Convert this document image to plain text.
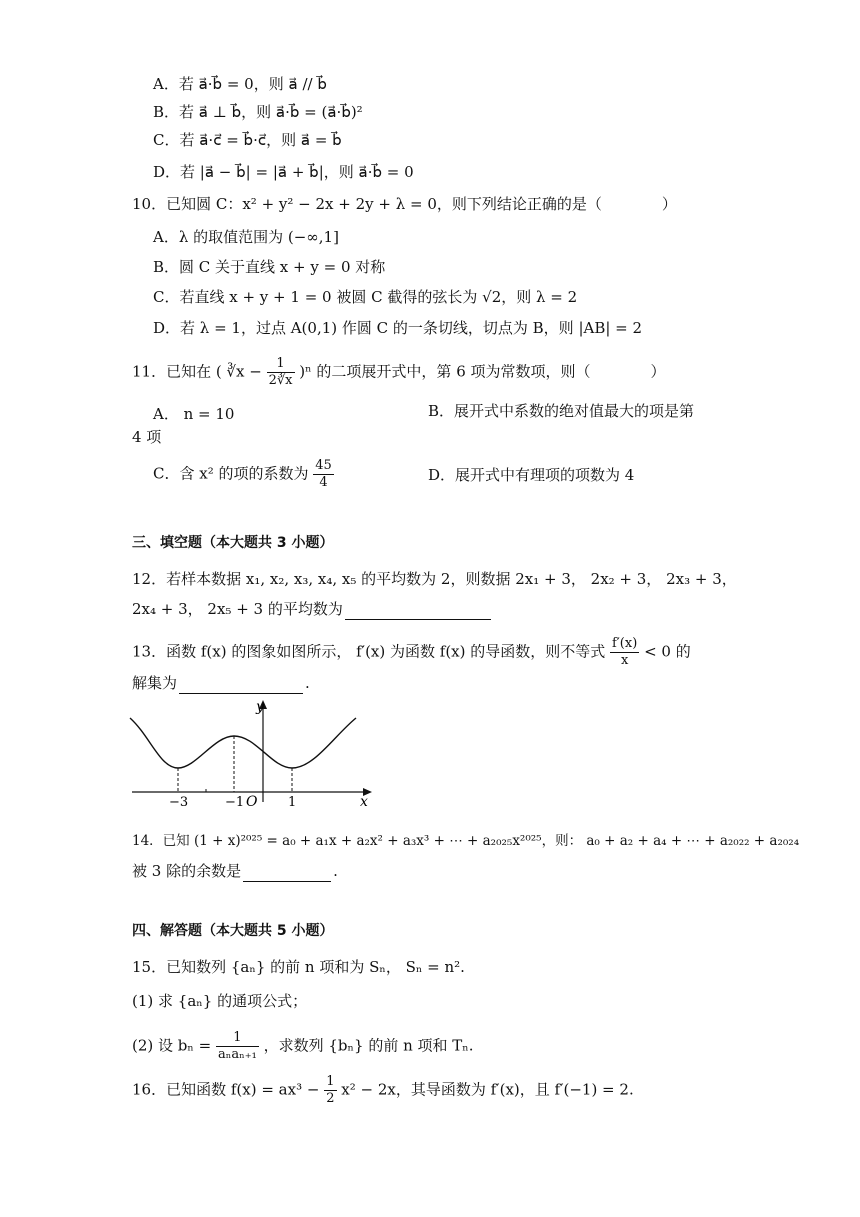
A．若 a⃗·b⃗ = 0，则 a⃗ // b⃗
B．若 a⃗ ⊥ b⃗，则 a⃗·b⃗ = (a⃗·b⃗)²
C．若 a⃗·c⃗ = b⃗·c⃗，则 a⃗ = b⃗
D．若 |a⃗ − b⃗| = |a⃗ + b⃗|，则 a⃗·b⃗ = 0
10．已知圆 C：x² + y² − 2x + 2y + λ = 0，则下列结论正确的是（　　　　）
A．λ 的取值范围为 (−∞,1]
B．圆 C 关于直线 x + y = 0 对称
C．若直线 x + y + 1 = 0 被圆 C 截得的弦长为 √2，则 λ = 2
D．若 λ = 1，过点 A(0,1) 作圆 C 的一条切线，切点为 B，则 |AB| = 2
11．已知在 ( ∛x − $\frac{1}{2∛x} )^n$ 的二项展开式中，第 6 项为常数项，则（　　　　）
A． n = 10	B．展开式中系数的绝对值最大的项是第
4 项
C．含 x² 的项的系数为 $\frac{45}{4}$	D．展开式中有理项的项数为 4
三、填空题（本大题共 3 小题）
12．若样本数据 x₁, x₂, x₃, x₄, x₅ 的平均数为 2，则数据 2x₁ + 3， 2x₂ + 3， 2x₃ + 3，
2x₄ + 3， 2x₅ + 3 的平均数为
13．函数 f(x) 的图象如图所示， f′(x) 为函数 f(x) 的导函数，则不等式 $\frac{f'(x)}{x} < 0$ 的
解集为	.
y
x
O
−3	−1	1
14．已知 (1 + x)²⁰²⁵ = a₀ + a₁x + a₂x² + a₃x³ + ⋯ + a₂₀₂₅x²⁰²⁵，则： a₀ + a₂ + a₄ + ⋯ + a₂₀₂₂ + a₂₀₂₄
被 3 除的余数是	.
四、解答题（本大题共 5 小题）
15．已知数列 {aₙ} 的前 n 项和为 Sₙ， Sₙ = n².
(1) 求 {aₙ} 的通项公式；
(2) 设 $b_n = \frac{1}{\text{aₙaₙ₊₁}}$ ，求数列 {bₙ} 的前 n 项和 Tₙ.
16．已知函数 $f(x) = ax^3 - \frac{1}{2} x^2 - 2x$，其导函数为 f′(x)，且 f′(−1) = 2.
